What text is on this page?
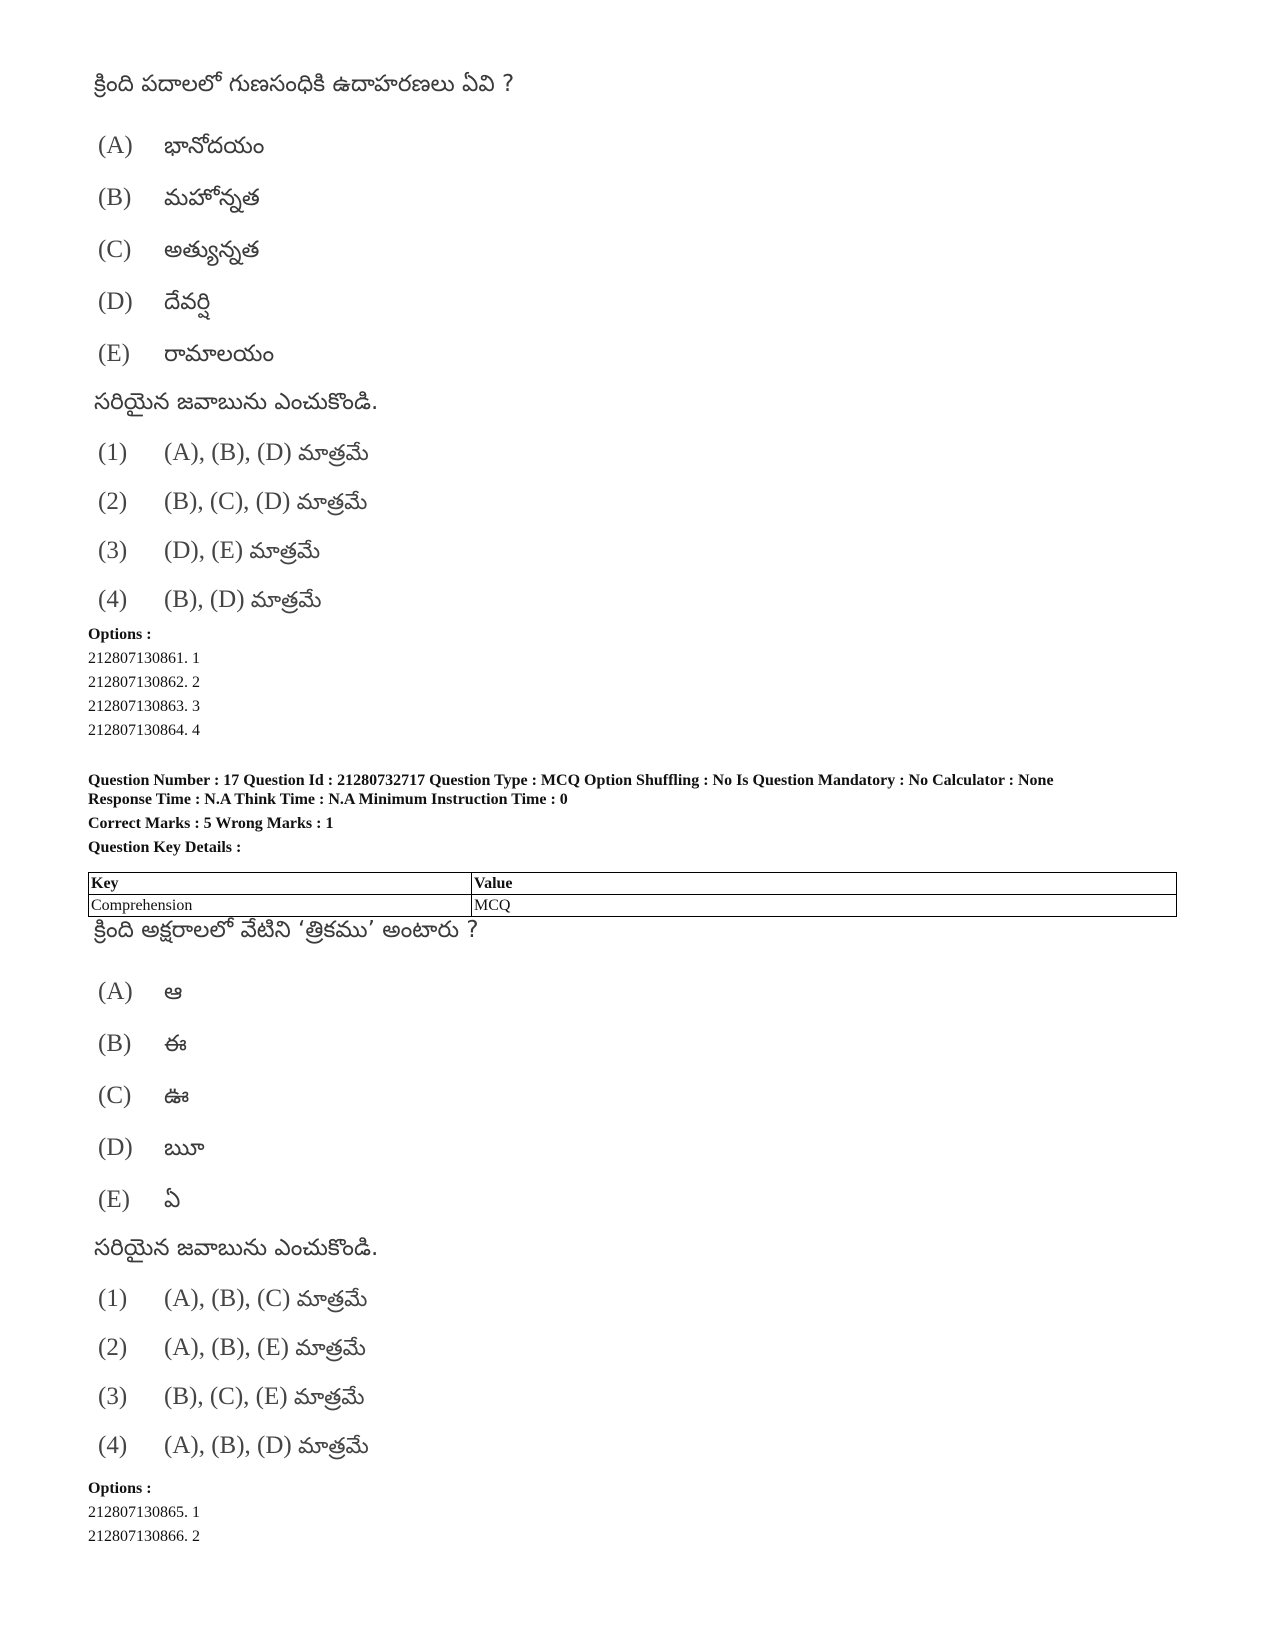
క్రింది పదాలలో గుణసంధికి ఉదాహరణలు ఏవి ?
(A)	భానోదయం
(B)	మహోన్నత
(C)	అత్యున్నత
(D)	దేవర్షి
(E)	రామాలయం
సరియైన జవాబును ఎంచుకొండి.
(1)	(A), (B), (D) మాత్రమే
(2)	(B), (C), (D) మాత్రమే
(3)	(D), (E) మాత్రమే
(4)	(B), (D) మాత్రమే
Options :
212807130861. 1
212807130862. 2
212807130863. 3
212807130864. 4
Question Number : 17 Question Id : 21280732717 Question Type : MCQ Option Shuffling : No Is Question Mandatory : No Calculator : None
Response Time : N.A Think Time : N.A Minimum Instruction Time : 0
Correct Marks : 5 Wrong Marks : 1
Question Key Details :
Key	Value
Comprehension	MCQ
క్రింది అక్షరాలలో వేటిని ‘త్రికము’ అంటారు ?
(A)	ఆ
(B)	ఈ
(C)	ఊ
(D)	ౠ
(E)	ఏ
సరియైన జవాబును ఎంచుకొండి.
(1)	(A), (B), (C) మాత్రమే
(2)	(A), (B), (E) మాత్రమే
(3)	(B), (C), (E) మాత్రమే
(4)	(A), (B), (D) మాత్రమే
Options :
212807130865. 1
212807130866. 2
